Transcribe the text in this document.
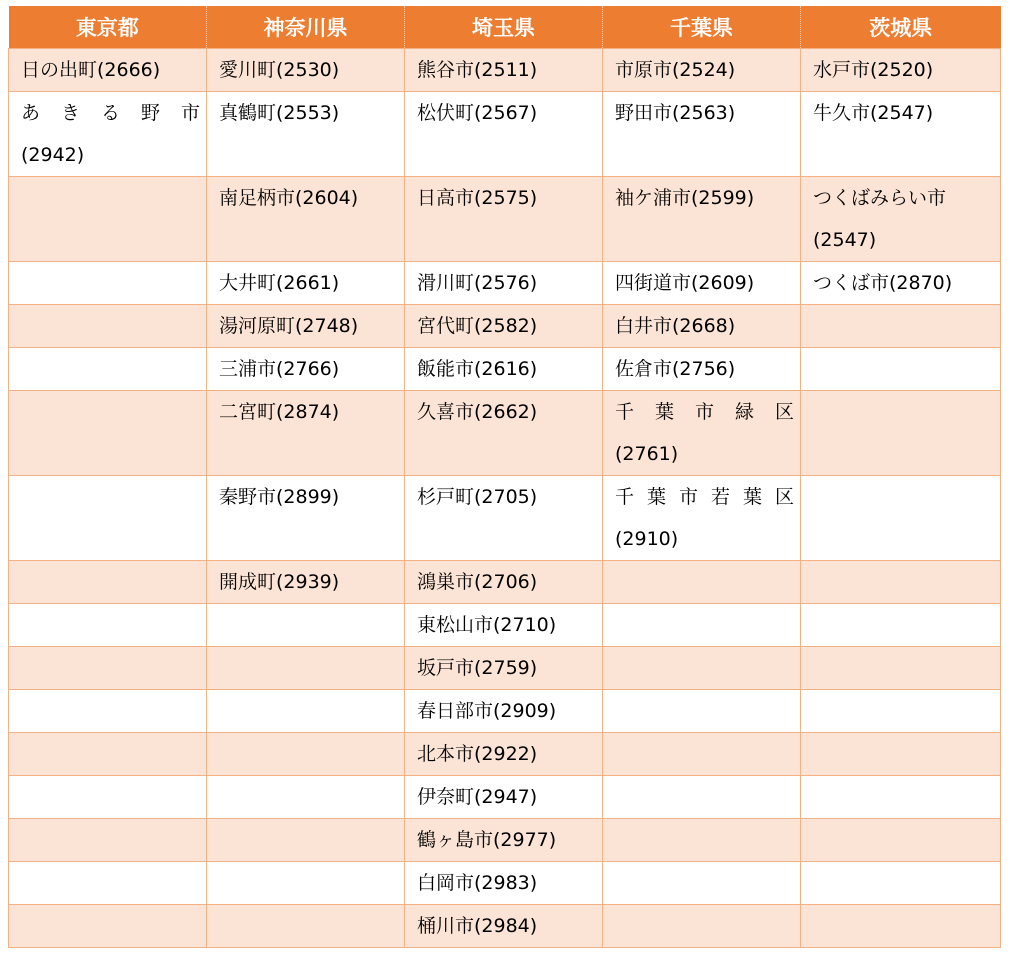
東京都	神奈川県	埼玉県	千葉県	茨城県
日の出町(2666)	愛川町(2530)	熊谷市(2511)	市原市(2524)	水戸市(2520)

あきる野市
(2942)	真鶴町(2553)	松伏町(2567)	野田市(2563)	牛久市(2547)
	南足柄市(2604)	日高市(2575)	袖ケ浦市(2599)	つくばみらい市
(2547)

	大井町(2661)	滑川町(2576)	四街道市(2609)	つくば市(2870)
	湯河原町(2748)	宮代町(2582)	白井市(2668)	
	三浦市(2766)	飯能市(2616)	佐倉市(2756)	
	二宮町(2874)	久喜市(2662)	千葉市緑区
(2761)	

	秦野市(2899)	杉戸町(2705)	千葉市若葉区
(2910)	

	開成町(2939)	鴻巣市(2706)		
		東松山市(2710)		
		坂戸市(2759)		
		春日部市(2909)		
		北本市(2922)		
		伊奈町(2947)		
		鶴ヶ島市(2977)		
		白岡市(2983)		
		桶川市(2984)		
